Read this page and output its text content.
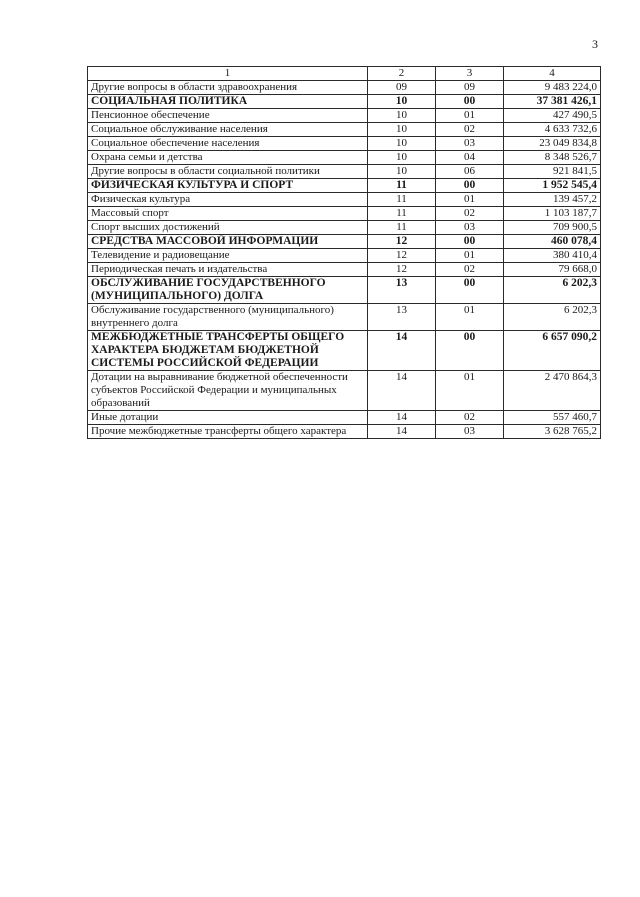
3
1	2	3	4
Другие вопросы в области здравоохранения	09	09	9 483 224,0
СОЦИАЛЬНАЯ ПОЛИТИКА	10	00	37 381 426,1
Пенсионное обеспечение	10	01	427 490,5
Социальное обслуживание населения	10	02	4 633 732,6
Социальное обеспечение населения	10	03	23 049 834,8
Охрана семьи и детства	10	04	8 348 526,7
Другие вопросы в области социальной политики	10	06	921 841,5
ФИЗИЧЕСКАЯ КУЛЬТУРА И СПОРТ	11	00	1 952 545,4
Физическая культура	11	01	139 457,2
Массовый спорт	11	02	1 103 187,7
Спорт высших достижений	11	03	709 900,5
СРЕДСТВА МАССОВОЙ ИНФОРМАЦИИ	12	00	460 078,4
Телевидение и радиовещание	12	01	380 410,4
Периодическая печать и издательства	12	02	79 668,0
ОБСЛУЖИВАНИЕ ГОСУДАРСТВЕННОГО (МУНИЦИПАЛЬНОГО) ДОЛГА	13	00	6 202,3
Обслуживание государственного (муниципального) внутреннего долга	13	01	6 202,3
МЕЖБЮДЖЕТНЫЕ ТРАНСФЕРТЫ ОБЩЕГО ХАРАКТЕРА БЮДЖЕТАМ БЮДЖЕТНОЙ СИСТЕМЫ РОССИЙСКОЙ ФЕДЕРАЦИИ	14	00	6 657 090,2
Дотации на выравнивание бюджетной обеспеченности субъектов Российской Федерации и муниципальных образований	14	01	2 470 864,3
Иные дотации	14	02	557 460,7
Прочие межбюджетные трансферты общего характера	14	03	3 628 765,2
